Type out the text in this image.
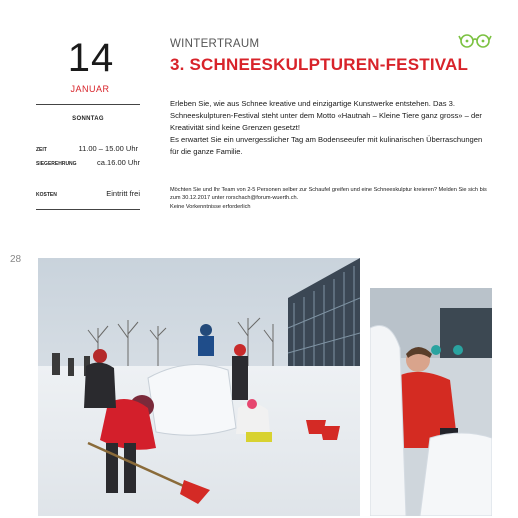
14
JANUAR
SONNTAG
ZEIT	11.00 – 15.00 Uhr
SIEGEREHRUNG	ca.16.00 Uhr
KOSTEN	Eintritt frei
WINTERTRAUM
3. SCHNEESKULPTUREN-FESTIVAL

Erleben Sie, wie aus Schnee kreative und einzigartige Kunstwerke entstehen. Das 3. Schneeskulpturen-Festival steht unter dem Motto «Hautnah – Kleine Tiere ganz gross» – der Kreativität sind keine Grenzen gesetzt!

Es erwartet Sie ein unvergesslicher Tag am Bodenseeufer mit kulinarischen Überraschungen für die ganze Familie.

Möchten Sie und Ihr Team von 2-5 Personen selber zur Schaufel greifen und eine Schneeskulptur kreieren? Melden Sie sich bis zum 30.12.2017 unter rorschach@forum-wuerth.ch.

Keine Vorkenntnisse erforderlich

28
